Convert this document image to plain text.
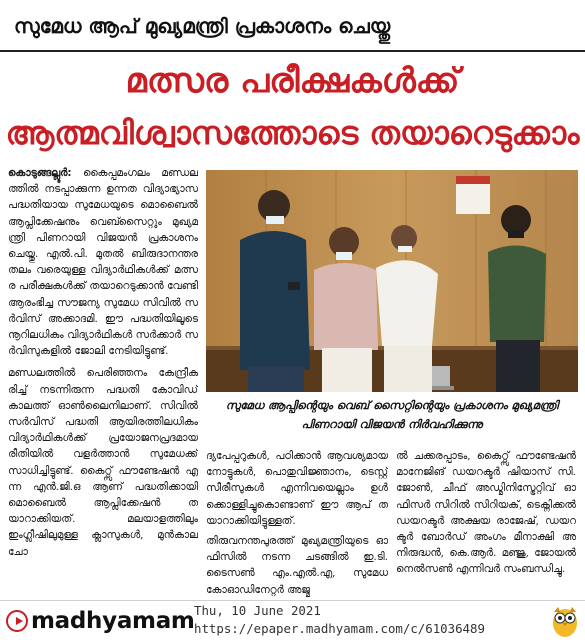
സുമേധ ആപ് മുഖ്യമന്ത്രി പ്രകാശനം ചെയ്തു
മത്സര പരീക്ഷകൾക്ക്
ആത്മവിശ്വാസത്തോടെ തയാറെടുക്കാം

കൊടുങ്ങല്ലൂർ: കൈപ്പമംഗലം മണ്ഡലത്തിൽ നടപ്പാക്കുന്ന ഉന്നത വിദ്യാഭ്യാസ പദ്ധതിയായ സുമേധയുടെ മൊബൈൽ ആപ്ലിക്കേഷനും വെബ്സൈറ്റും മുഖ്യമന്ത്രി പിണറായി വിജയൻ പ്രകാശനം ചെയ്തു. എൽ.പി. മുതൽ ബിരുദാനന്തര തലം വരെയുള്ള വിദ്യാർഥികൾക്ക് മത്സര പരീക്ഷകൾക്ക് തയാറെടുക്കാൻ വേണ്ടി ആരംഭിച്ച സൗജന്യ സുമേധ സിവിൽ സർവിസ് അക്കാദമി. ഈ പദ്ധതിയിലൂടെ നൂറിലധികം വിദ്യാർഥികൾ സർക്കാർ സർവിസുകളിൽ ജോലി നേടിയിട്ടുണ്ട്.

മണ്ഡലത്തിൽ പെരിഞ്ഞനം കേന്ദ്രീകരിച്ച് നടന്നിരുന്ന പദ്ധതി കോവിഡ് കാലത്ത് ഓൺലൈനിലാണ്. സിവിൽ സർവിസ് പദ്ധതി ആയിരത്തിലധികം വിദ്യാർഥികൾക്ക് പ്രയോജനപ്രദമായ രീതിയിൽ വളർത്താൻ സുമേധക്ക് സാധിച്ചിട്ടുണ്ട്. കൈറ്റ്സ് ഫൗണ്ടേഷൻ എന്ന എൻ.ജി.ഒ ആണ് പദ്ധതിക്കായി മൊബൈൽ ആപ്ലിക്കേഷൻ തയാറാക്കിയത്. മലയാളത്തിലും ഇംഗ്ലീഷിലുമുള്ള ക്ലാസുകൾ, മുൻകാല ചോ

സുമേധ ആപ്പിന്റെയും വെബ് സൈറ്റിന്റെയും പ്രകാശനം മുഖ്യമന്ത്രി പിണറായി വിജയൻ നിർവഹിക്കുന്നു

ദ്യപേപ്പറുകൾ, പഠിക്കാൻ ആവശ്യമായ നോട്ടുകൾ, പൊതുവിജ്ഞാനം, ടെസ്റ്റ് സീരീസുകൾ എന്നിവയെല്ലാം ഉൾക്കൊള്ളിച്ചുകൊണ്ടാണ് ഈ ആപ് തയാറാക്കിയിട്ടുള്ളത്.

തിരുവനന്തപുരത്ത് മുഖ്യമന്ത്രിയുടെ ഓഫിസിൽ നടന്ന ചടങ്ങിൽ ഇ.ടി. ടൈസൺ എം.എൽ.എ, സുമേധ കോഓഡിനേറ്റർ അജ്മ

ൽ ചക്കരപ്പാടം, കൈറ്റ്സ് ഫൗണ്ടേഷൻ മാനേജിങ് ഡയറക്ടർ ഷിയാസ് സി. ജോൺ, ചീഫ് അഡ്മിനിസ്ട്രേറ്റിവ് ഓഫിസർ സിറിൽ സിറിയക്, ടെക്നിക്കൽ ഡയറക്ടർ അക്ഷയ രാജേഷ്, ഡയറക്ടർ ബോർഡ് അംഗം മീനാക്ഷി അനിരുദ്ധൻ, കെ.ആർ. മഞ്ജു, ജോയൽ നെൽസൺ എന്നിവർ സംബന്ധിച്ചു.

madhyamam Thu, 10 June 2021
https://epaper.madhyamam.com/c/61036489
